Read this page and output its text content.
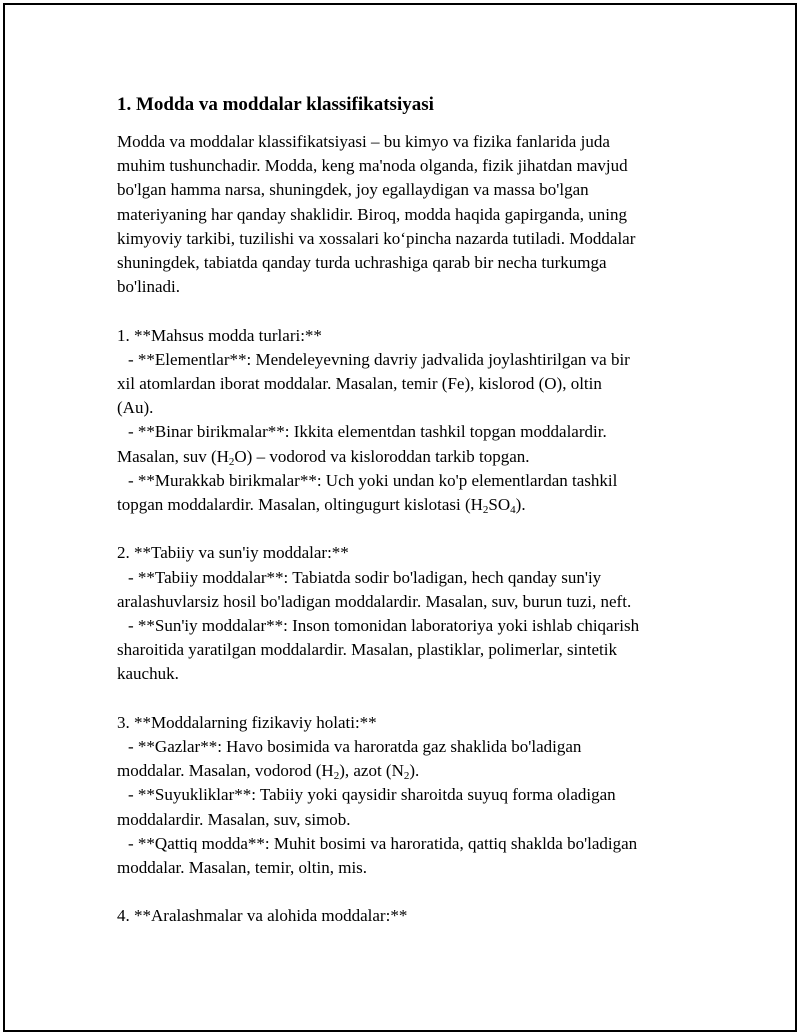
1. Modda va moddalar klassifikatsiyasi
Modda va moddalar klassifikatsiyasi – bu kimyo va fizika fanlarida juda
muhim tushunchadir. Modda, keng ma'noda olganda, fizik jihatdan mavjud
bo'lgan hamma narsa, shuningdek, joy egallaydigan va massa bo'lgan
materiyaning har qanday shaklidir. Biroq, modda haqida gapirganda, uning
kimyoviy tarkibi, tuzilishi va xossalari ko‘pincha nazarda tutiladi. Moddalar
shuningdek, tabiatda qanday turda uchrashiga qarab bir necha turkumga
bo'linadi.
1. **Mahsus modda turlari:**
- **Elementlar**: Mendeleyevning davriy jadvalida joylashtirilgan va bir
xil atomlardan iborat moddalar. Masalan, temir (Fe), kislorod (O), oltin
(Au).
- **Binar birikmalar**: Ikkita elementdan tashkil topgan moddalardir.
Masalan, suv $(H_2O)$ – vodorod va kisloroddan tarkib topgan.
- **Murakkab birikmalar**: Uch yoki undan ko'p elementlardan tashkil
topgan moddalardir. Masalan, oltingugurt kislotasi $(H_2SO_4)$.
2. **Tabiiy va sun'iy moddalar:**
- **Tabiiy moddalar**: Tabiatda sodir bo'ladigan, hech qanday sun'iy
aralashuvlarsiz hosil bo'ladigan moddalardir. Masalan, suv, burun tuzi, neft.
- **Sun'iy moddalar**: Inson tomonidan laboratoriya yoki ishlab chiqarish
sharoitida yaratilgan moddalardir. Masalan, plastiklar, polimerlar, sintetik
kauchuk.
3. **Moddalarning fizikaviy holati:**
- **Gazlar**: Havo bosimida va haroratda gaz shaklida bo'ladigan
moddalar. Masalan, vodorod $(H_2)$, azot $(N_2)$.
- **Suyukliklar**: Tabiiy yoki qaysidir sharoitda suyuq forma oladigan
moddalardir. Masalan, suv, simob.
- **Qattiq modda**: Muhit bosimi va haroratida, qattiq shaklda bo'ladigan
moddalar. Masalan, temir, oltin, mis.
4. **Aralashmalar va alohida moddalar:**
